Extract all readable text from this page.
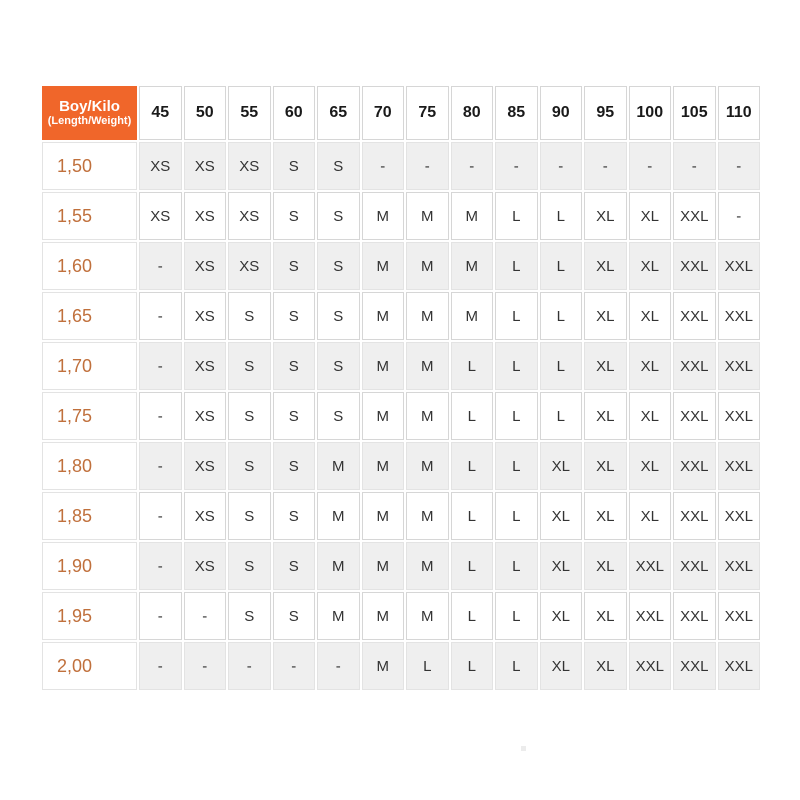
Boy/Kilo
(Length/Weight)	45	50	55	60	65	70	75	80	85	90	95	100	105	110
1,50	XS	XS	XS	S	S	-	-	-	-	-	-	-	-	-
1,55	XS	XS	XS	S	S	M	M	M	L	L	XL	XL	XXL	-
1,60	-	XS	XS	S	S	M	M	M	L	L	XL	XL	XXL	XXL
1,65	-	XS	S	S	S	M	M	M	L	L	XL	XL	XXL	XXL
1,70	-	XS	S	S	S	M	M	L	L	L	XL	XL	XXL	XXL
1,75	-	XS	S	S	S	M	M	L	L	L	XL	XL	XXL	XXL
1,80	-	XS	S	S	M	M	M	L	L	XL	XL	XL	XXL	XXL
1,85	-	XS	S	S	M	M	M	L	L	XL	XL	XL	XXL	XXL
1,90	-	XS	S	S	M	M	M	L	L	XL	XL	XXL	XXL	XXL
1,95	-	-	S	S	M	M	M	L	L	XL	XL	XXL	XXL	XXL
2,00	-	-	-	-	-	M	L	L	L	XL	XL	XXL	XXL	XXL
